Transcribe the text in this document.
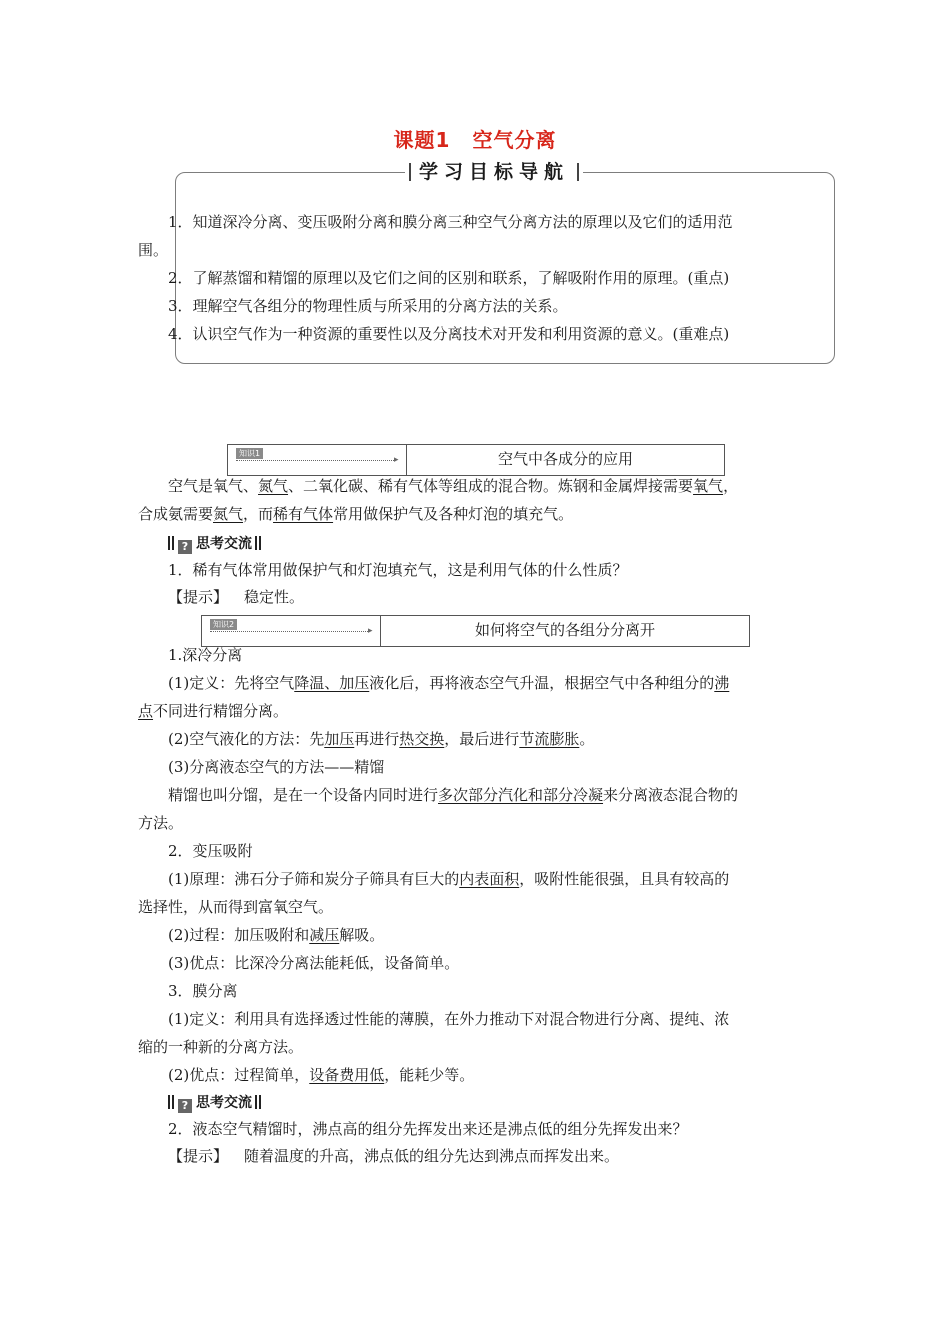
课题1 空气分离
学习目标导航
1．知道深冷分离、变压吸附分离和膜分离三种空气分离方法的原理以及它们的适用范
围。
2．了解蒸馏和精馏的原理以及它们之间的区别和联系，了解吸附作用的原理。(重点)
3．理解空气各组分的物理性质与所采用的分离方法的关系。
4．认识空气作为一种资源的重要性以及分离技术对开发和利用资源的意义。(重难点)
知识1
▸	空气中各成分的应用
空气是氧气、氮气、二氧化碳、稀有气体等组成的混合物。炼钢和金属焊接需要氧气，
合成氨需要氮气，而稀有气体常用做保护气及各种灯泡的填充气。
? 思考交流
1．稀有气体常用做保护气和灯泡填充气，这是利用气体的什么性质？
【提示】 稳定性。
知识2
▸	如何将空气的各组分分离开
1.深冷分离
(1)定义：先将空气降温、加压液化后，再将液态空气升温，根据空气中各种组分的沸
点不同进行精馏分离。
(2)空气液化的方法：先加压再进行热交换，最后进行节流膨胀。
(3)分离液态空气的方法——精馏
精馏也叫分馏，是在一个设备内同时进行多次部分汽化和部分冷凝来分离液态混合物的
方法。
2．变压吸附
(1)原理：沸石分子筛和炭分子筛具有巨大的内表面积，吸附性能很强，且具有较高的
选择性，从而得到富氧空气。
(2)过程：加压吸附和减压解吸。
(3)优点：比深冷分离法能耗低，设备简单。
3．膜分离
(1)定义：利用具有选择透过性能的薄膜，在外力推动下对混合物进行分离、提纯、浓
缩的一种新的分离方法。
(2)优点：过程简单，设备费用低，能耗少等。
? 思考交流
2．液态空气精馏时，沸点高的组分先挥发出来还是沸点低的组分先挥发出来？
【提示】 随着温度的升高，沸点低的组分先达到沸点而挥发出来。
